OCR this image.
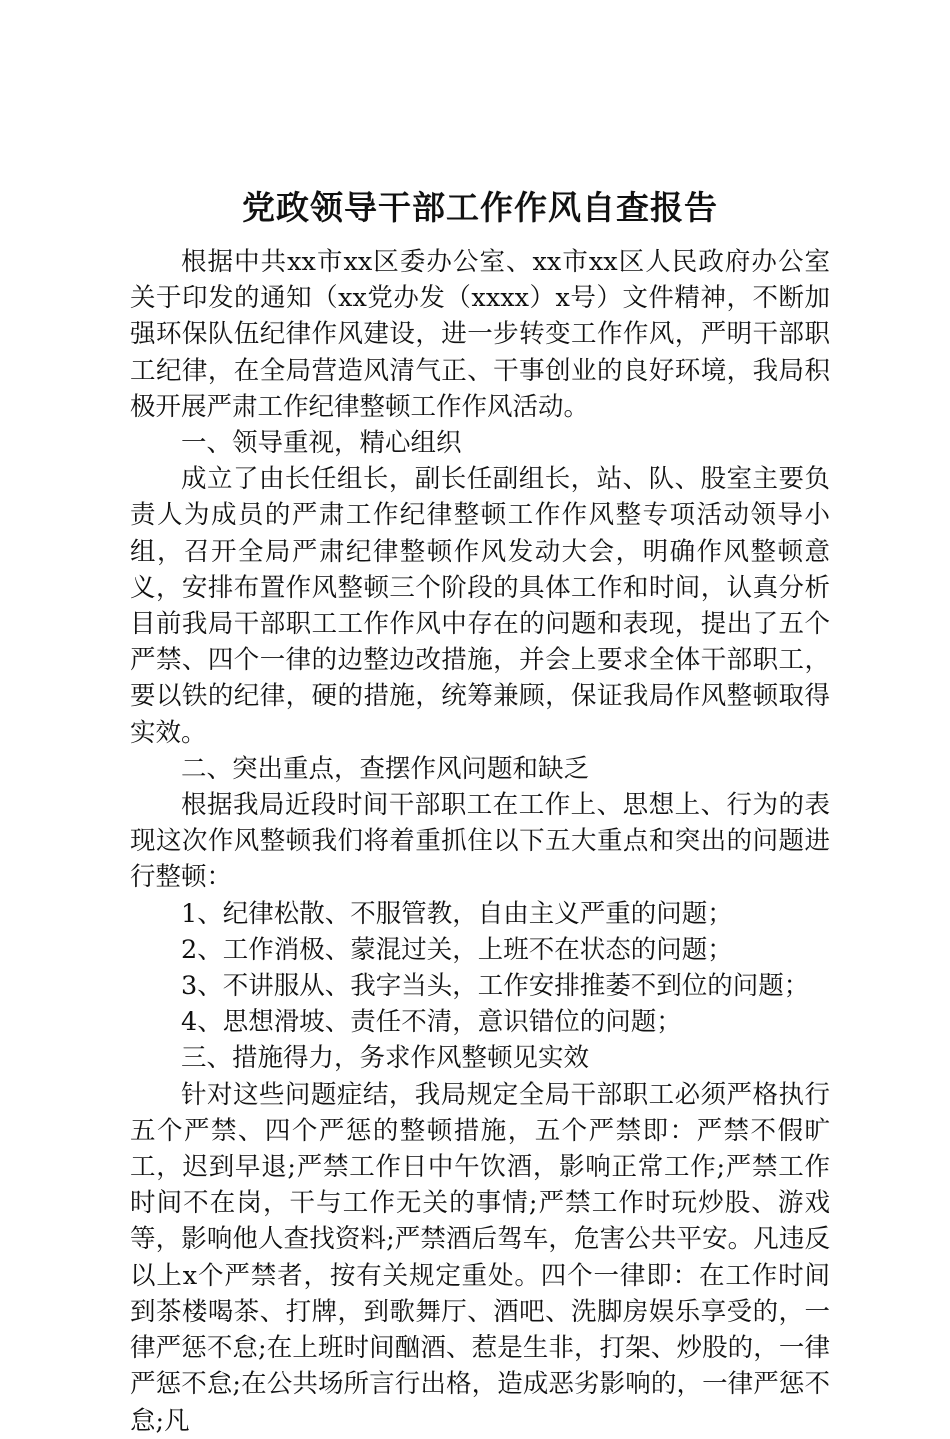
党政领导干部工作作风自查报告

根据中共xx市xx区委办公室、xx市xx区人民政府办公室关于印发的通知（xx党办发（xxxx）x号）文件精神，不断加强环保队伍纪律作风建设，进一步转变工作作风，严明干部职工纪律，在全局营造风清气正、干事创业的良好环境，我局积极开展严肃工作纪律整顿工作作风活动。

一、领导重视，精心组织

成立了由长任组长，副长任副组长，站、队、股室主要负责人为成员的严肃工作纪律整顿工作作风整专项活动领导小组，召开全局严肃纪律整顿作风发动大会，明确作风整顿意义，安排布置作风整顿三个阶段的具体工作和时间，认真分析目前我局干部职工工作作风中存在的问题和表现，提出了五个严禁、四个一律的边整边改措施，并会上要求全体干部职工，要以铁的纪律，硬的措施，统筹兼顾，保证我局作风整顿取得实效。

二、突出重点，查摆作风问题和缺乏

根据我局近段时间干部职工在工作上、思想上、行为的表现这次作风整顿我们将着重抓住以下五大重点和突出的问题进行整顿：

1、纪律松散、不服管教，自由主义严重的问题；

2、工作消极、蒙混过关，上班不在状态的问题；

3、不讲服从、我字当头，工作安排推萎不到位的问题；

4、思想滑坡、责任不清，意识错位的问题；

三、措施得力，务求作风整顿见实效

针对这些问题症结，我局规定全局干部职工必须严格执行五个严禁、四个严惩的整顿措施，五个严禁即：严禁不假旷工，迟到早退;严禁工作日中午饮酒，影响正常工作;严禁工作时间不在岗，干与工作无关的事情;严禁工作时玩炒股、游戏等，影响他人查找资料;严禁酒后驾车，危害公共平安。凡违反以上x个严禁者，按有关规定重处。四个一律即：在工作时间到茶楼喝茶、打牌，到歌舞厅、酒吧、洗脚房娱乐享受的，一律严惩不怠;在上班时间酗酒、惹是生非，打架、炒股的，一律严惩不怠;在公共场所言行出格，造成恶劣影响的，一律严惩不怠;凡
